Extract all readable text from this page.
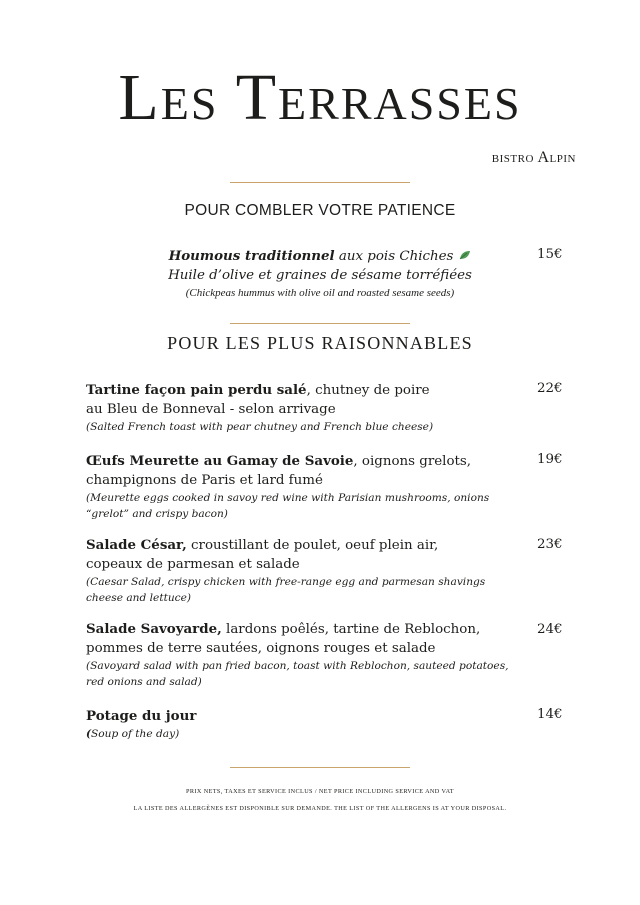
Les Terrasses
bistro Alpin
POUR COMBLER VOTRE PATIENCE
Houmous traditionnel aux pois Chiches
Huile d’olive et graines de sésame torréfiées
(Chickpeas hummus with olive oil and roasted sesame seeds)
15€
POUR LES PLUS RAISONNABLES
Tartine façon pain perdu salé, chutney de poire
au Bleu de Bonneval - selon arrivage
(Salted French toast with pear chutney and French blue cheese)
22€
Œufs Meurette au Gamay de Savoie, oignons grelots,
champignons de Paris et lard fumé
(Meurette eggs cooked in savoy red wine with Parisian mushrooms, onions “grelot” and crispy bacon)
19€
Salade César, croustillant de poulet, oeuf plein air,
copeaux de parmesan et salade
(Caesar Salad, crispy chicken with free-range egg and parmesan shavings cheese and lettuce)
23€
Salade Savoyarde, lardons poêlés, tartine de Reblochon,
pommes de terre sautées, oignons rouges et salade
(Savoyard salad with pan fried bacon, toast with Reblochon, sauteed potatoes, red onions and salad)
24€
Potage du jour

(Soup of the day)
14€
PRIX NETS, TAXES ET SERVICE INCLUS / NET PRICE INCLUDING SERVICE AND VAT
LA LISTE DES ALLERGÈNES EST DISPONIBLE SUR DEMANDE. THE LIST OF THE ALLERGENS IS AT YOUR DISPOSAL.
